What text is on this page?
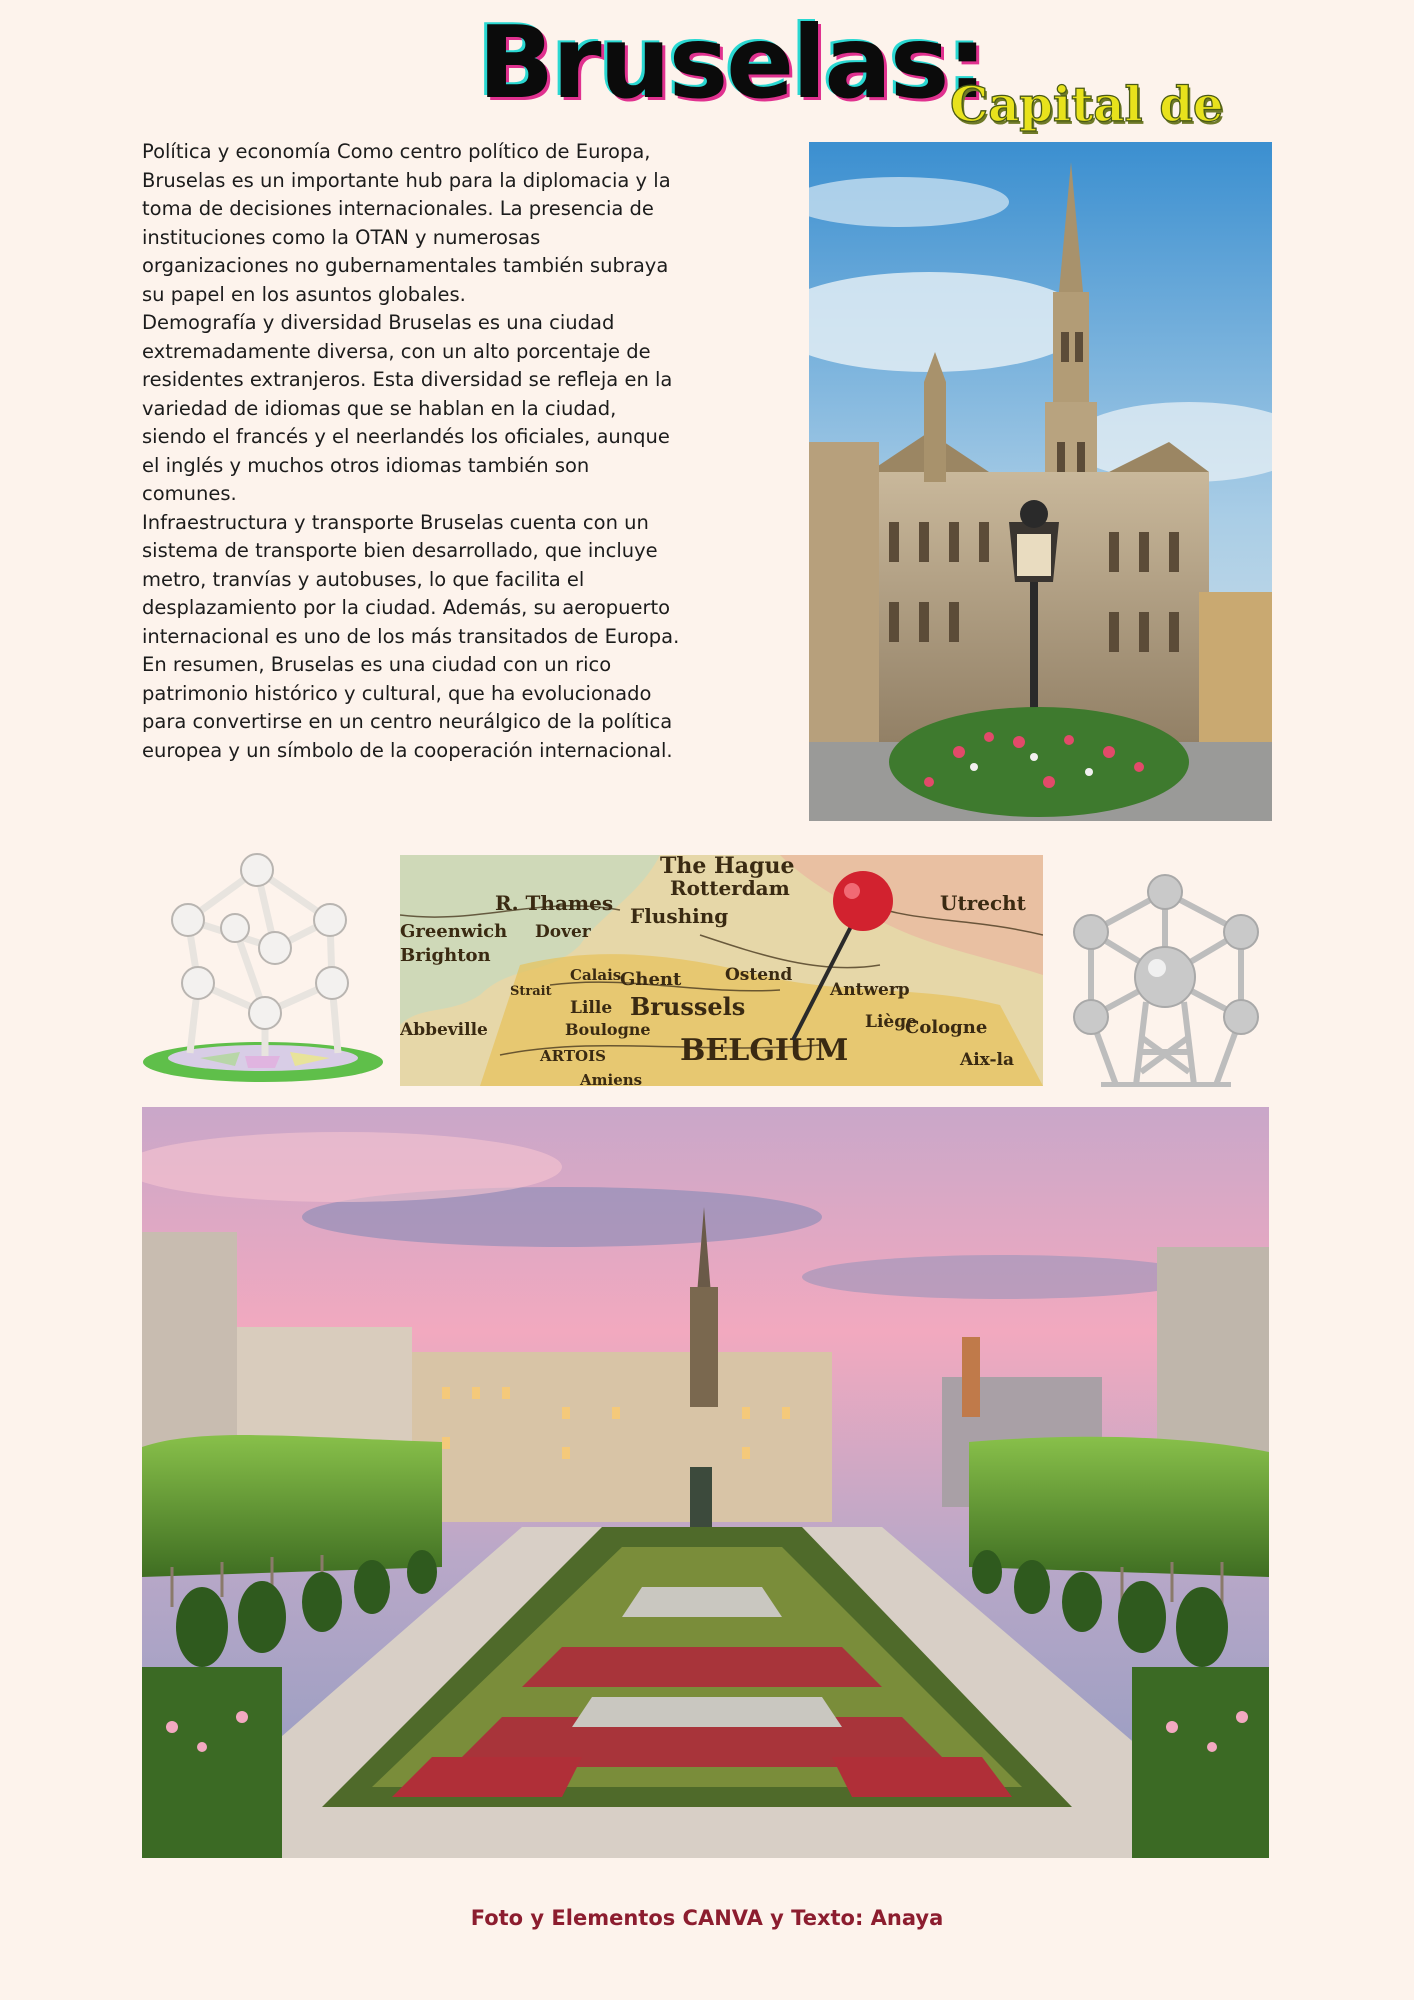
Bruselas:
Capital de

Política y economía Como centro político de Europa, Bruselas es un importante hub para la diplomacia y la toma de decisiones internacionales. La presencia de instituciones como la OTAN y numerosas organizaciones no gubernamentales también subraya su papel en los asuntos globales.

Demografía y diversidad Bruselas es una ciudad extremadamente diversa, con un alto porcentaje de residentes extranjeros. Esta diversidad se refleja en la variedad de idiomas que se hablan en la ciudad, siendo el francés y el neerlandés los oficiales, aunque el inglés y muchos otros idiomas también son comunes.

Infraestructura y transporte Bruselas cuenta con un sistema de transporte bien desarrollado, que incluye metro, tranvías y autobuses, lo que facilita el desplazamiento por la ciudad. Además, su aeropuerto internacional es uno de los más transitados de Europa.

En resumen, Bruselas es una ciudad con un rico patrimonio histórico y cultural, que ha evolucionado para convertirse en un centro neurálgico de la política europea y un símbolo de la cooperación internacional.

The Hague
Rotterdam
Utrecht
R. Thames
Flushing
Greenwich Dover
Brighton
Calais
Ghent	Ostend
Antwerp
Brussels
Lille
Boulogne	Liège
Cologne
BELGIUM
ARTOIS
Abbeville
Strait
Amiens
Aix-la
Foto y Elementos CANVA y Texto: Anaya
